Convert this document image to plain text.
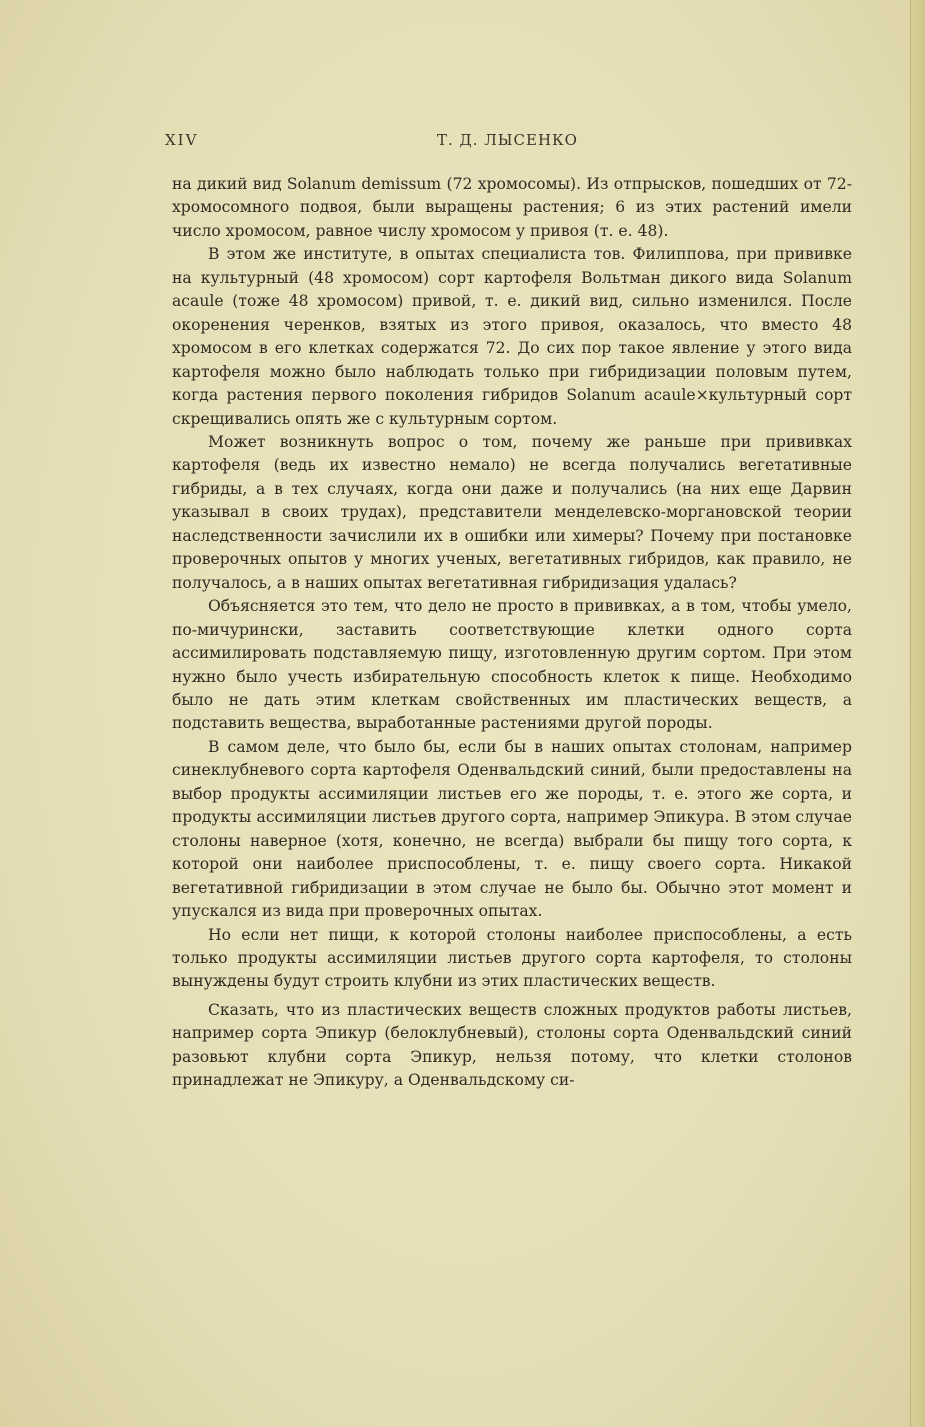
XIV	Т. Д. ЛЫСЕНКО

на дикий вид Solanum demissum (72 хромосомы). Из отпрысков, пошедших от 72-хромосомного подвоя, были выращены растения; 6 из этих растений имели число хромосом, равное числу хромосом у привоя (т. е. 48).

В этом же институте, в опытах специалиста тов. Филиппова, при прививке на культурный (48 хромосом) сорт картофеля Вольтман дикого вида Solanum acaule (тоже 48 хромосом) привой, т. е. дикий вид, сильно изменился. После окоренения черенков, взятых из этого привоя, оказалось, что вместо 48 хромосом в его клетках содержатся 72. До сих пор такое явление у этого вида картофеля можно было наблюдать только при гибридизации половым путем, когда растения первого поколения гибридов Solanum acaule×культурный сорт скрещивались опять же с культурным сортом.

Может возникнуть вопрос о том, почему же раньше при прививках картофеля (ведь их известно немало) не всегда получались вегетативные гибриды, а в тех случаях, когда они даже и получались (на них еще Дарвин указывал в своих трудах), представители менделевско-моргановской теории наследственности зачислили их в ошибки или химеры? Почему при постановке проверочных опытов у многих ученых, вегетативных гибридов, как правило, не получалось, а в наших опытах вегетативная гибридизация удалась?

Объясняется это тем, что дело не просто в прививках, а в том, чтобы умело, по-мичурински, заставить соответствующие клетки одного сорта ассимилировать подставляемую пищу, изготовленную другим сортом. При этом нужно было учесть избирательную способность клеток к пище. Необходимо было не дать этим клеткам свойственных им пластических веществ, а подставить вещества, выработанные растениями другой породы.

В самом деле, что было бы, если бы в наших опытах столонам, например синеклубневого сорта картофеля Оденвальдский синий, были предоставлены на выбор продукты ассимиляции листьев его же породы, т. е. этого же сорта, и продукты ассимиляции листьев другого сорта, например Эпикура. В этом случае столоны наверное (хотя, конечно, не всегда) выбрали бы пищу того сорта, к которой они наиболее приспособлены, т. е. пищу своего сорта. Никакой вегетативной гибридизации в этом случае не было бы. Обычно этот момент и упускался из вида при проверочных опытах.

Но если нет пищи, к которой столоны наиболее приспособлены, а есть только продукты ассимиляции листьев другого сорта картофеля, то столоны вынуждены будут строить клубни из этих пластических веществ.

Сказать, что из пластических веществ сложных продуктов работы листьев, например сорта Эпикур (белоклубневый), столоны сорта Оденвальдский синий разовьют клубни сорта Эпикур, нельзя потому, что клетки столонов принадлежат не Эпикуру, а Оденвальдскому си-
